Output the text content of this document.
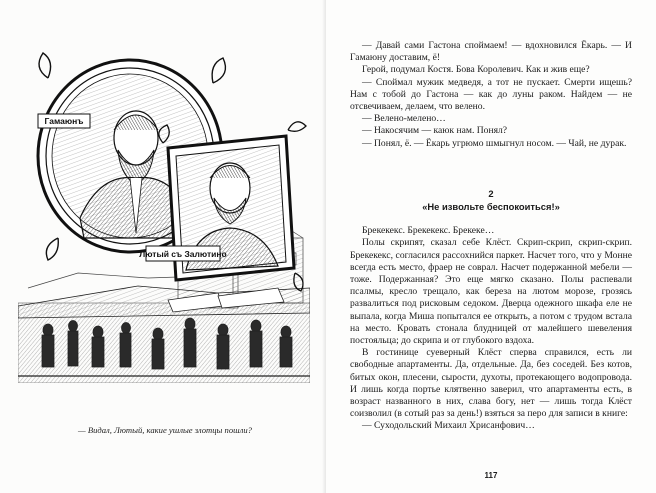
Гамаюнъ
Лютый съ Залютино
— Видал, Лютый, какие ушлые злотцы пошли?

— Давай сами Гастона споймаем! — вдохновился Ёкарь. — И Гамаюну доставим, ё!

Герой, подумал Костя. Бова Королевич. Как и жив еще?

— Споймал мужик медведя, а тот не пускает. Смерти ищешь? Нам с тобой до Гастона — как до луны раком. Найдем — не отсвечиваем, делаем, что велено.

— Велено-мелено…

— Накосячим — каюк нам. Понял?

— Понял, ё. — Ёкарь угрюмо шмыгнул носом. — Чай, не дурак.

2
«Не извольте беспокоиться!»

Брекекекс. Брекекекс. Брекеке…

Полы скрипят, сказал себе Клёст. Скрип-скрип, скрип-скрип. Брекекекс, согласился рассохнийся паркет. Насчет того, что у Монне всегда есть место, фраер не соврал. Насчет подержанной мебели — тоже. Подержанная? Это еще мягко сказано. Полы распевали псалмы, кресло трещало, как береза на лютом морозе, грозясь развалиться под рисковым седоком. Дверца одежного шкафа еле не выпала, когда Миша попытался ее открыть, а потом с трудом встала на место. Кровать стонала блудницей от малейшего шевеления постояльца; до скрипа и от глубокого вздоха.

В гостинице суеверный Клёст сперва справился, есть ли свободные апартаменты. Да, отдельные. Да, без соседей. Без котов, битых окон, плесени, сырости, духоты, протекающего водопровода. И лишь когда портье клятвенно заверил, что апартаменты есть, в возраст названного в них, слава богу, нет — лишь тогда Клёст соизволил (в сотый раз за день!) взяться за перо для записи в книге:

— Суходольский Михаил Хрисанфович…

117
